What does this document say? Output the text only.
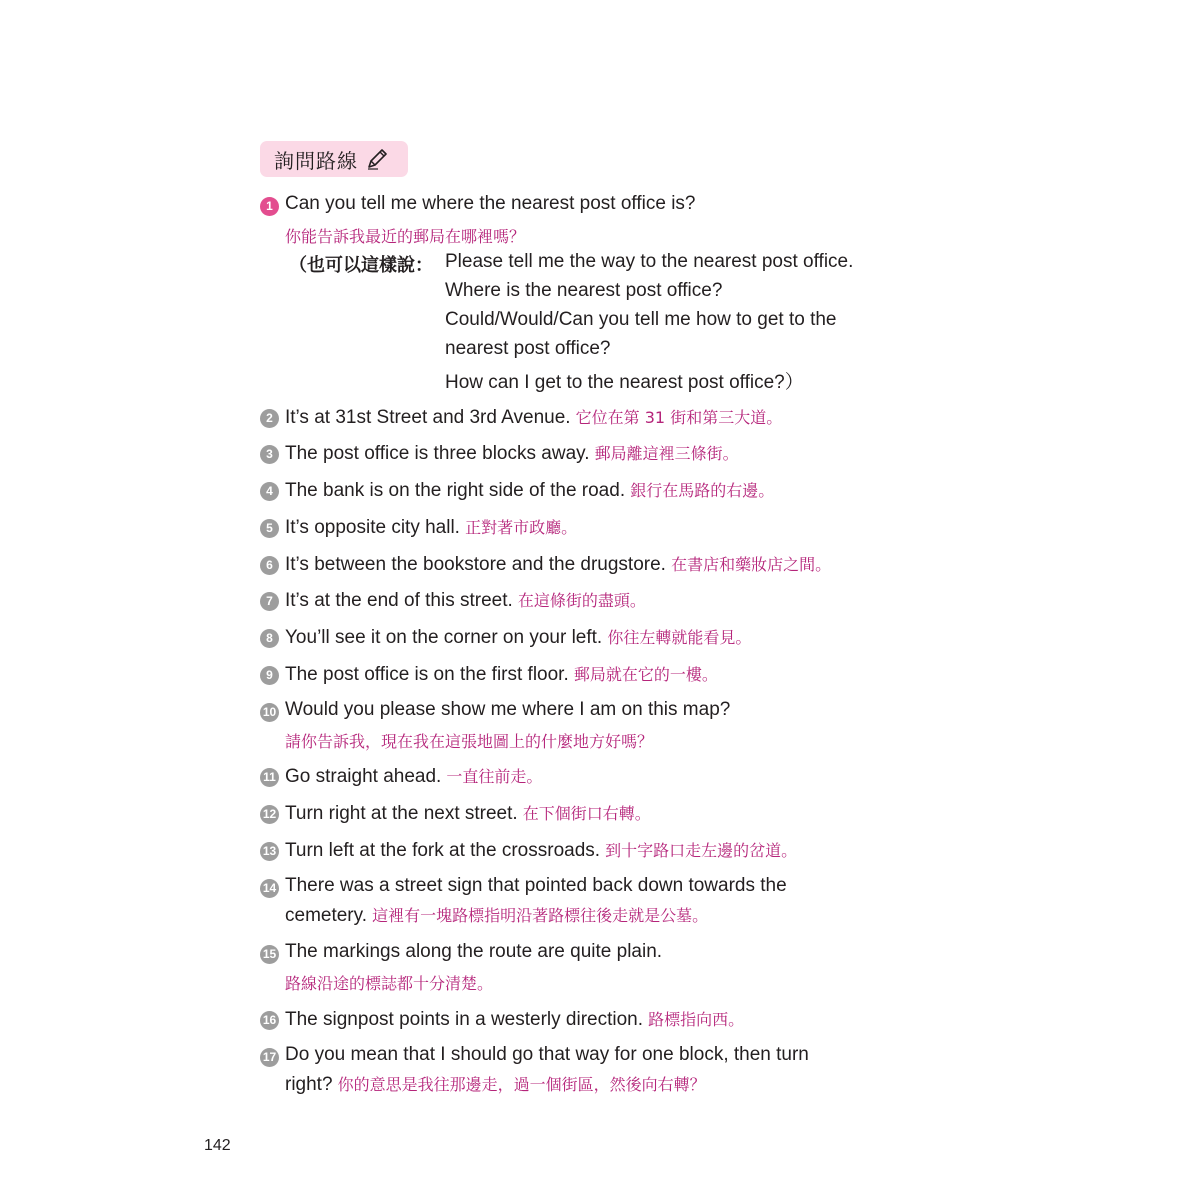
詢問路線
1 Can you tell me where the nearest post office is?
你能告訴我最近的郵局在哪裡嗎？
（也可以這樣說： Please tell me the way to the nearest post office.
Where is the nearest post office?
Could/Would/Can you tell me how to get to the
nearest post office?
How can I get to the nearest post office?）
2 It’s at 31st Street and 3rd Avenue. 它位在第 31 街和第三大道。
3 The post office is three blocks away. 郵局離這裡三條街。
4 The bank is on the right side of the road. 銀行在馬路的右邊。
5 It’s opposite city hall. 正對著市政廳。
6 It’s between the bookstore and the drugstore. 在書店和藥妝店之間。
7 It’s at the end of this street. 在這條街的盡頭。
8 You’ll see it on the corner on your left. 你往左轉就能看見。
9 The post office is on the first floor. 郵局就在它的一樓。
10 Would you please show me where I am on this map?
請你告訴我，現在我在這張地圖上的什麼地方好嗎？
11 Go straight ahead. 一直往前走。
12 Turn right at the next street. 在下個街口右轉。
13 Turn left at the fork at the crossroads. 到十字路口走左邊的岔道。
14 There was a street sign that pointed back down towards the
cemetery. 這裡有一塊路標指明沿著路標往後走就是公墓。
15 The markings along the route are quite plain.
路線沿途的標誌都十分清楚。
16 The signpost points in a westerly direction. 路標指向西。
17 Do you mean that I should go that way for one block, then turn
right? 你的意思是我往那邊走，過一個街區，然後向右轉？
142
